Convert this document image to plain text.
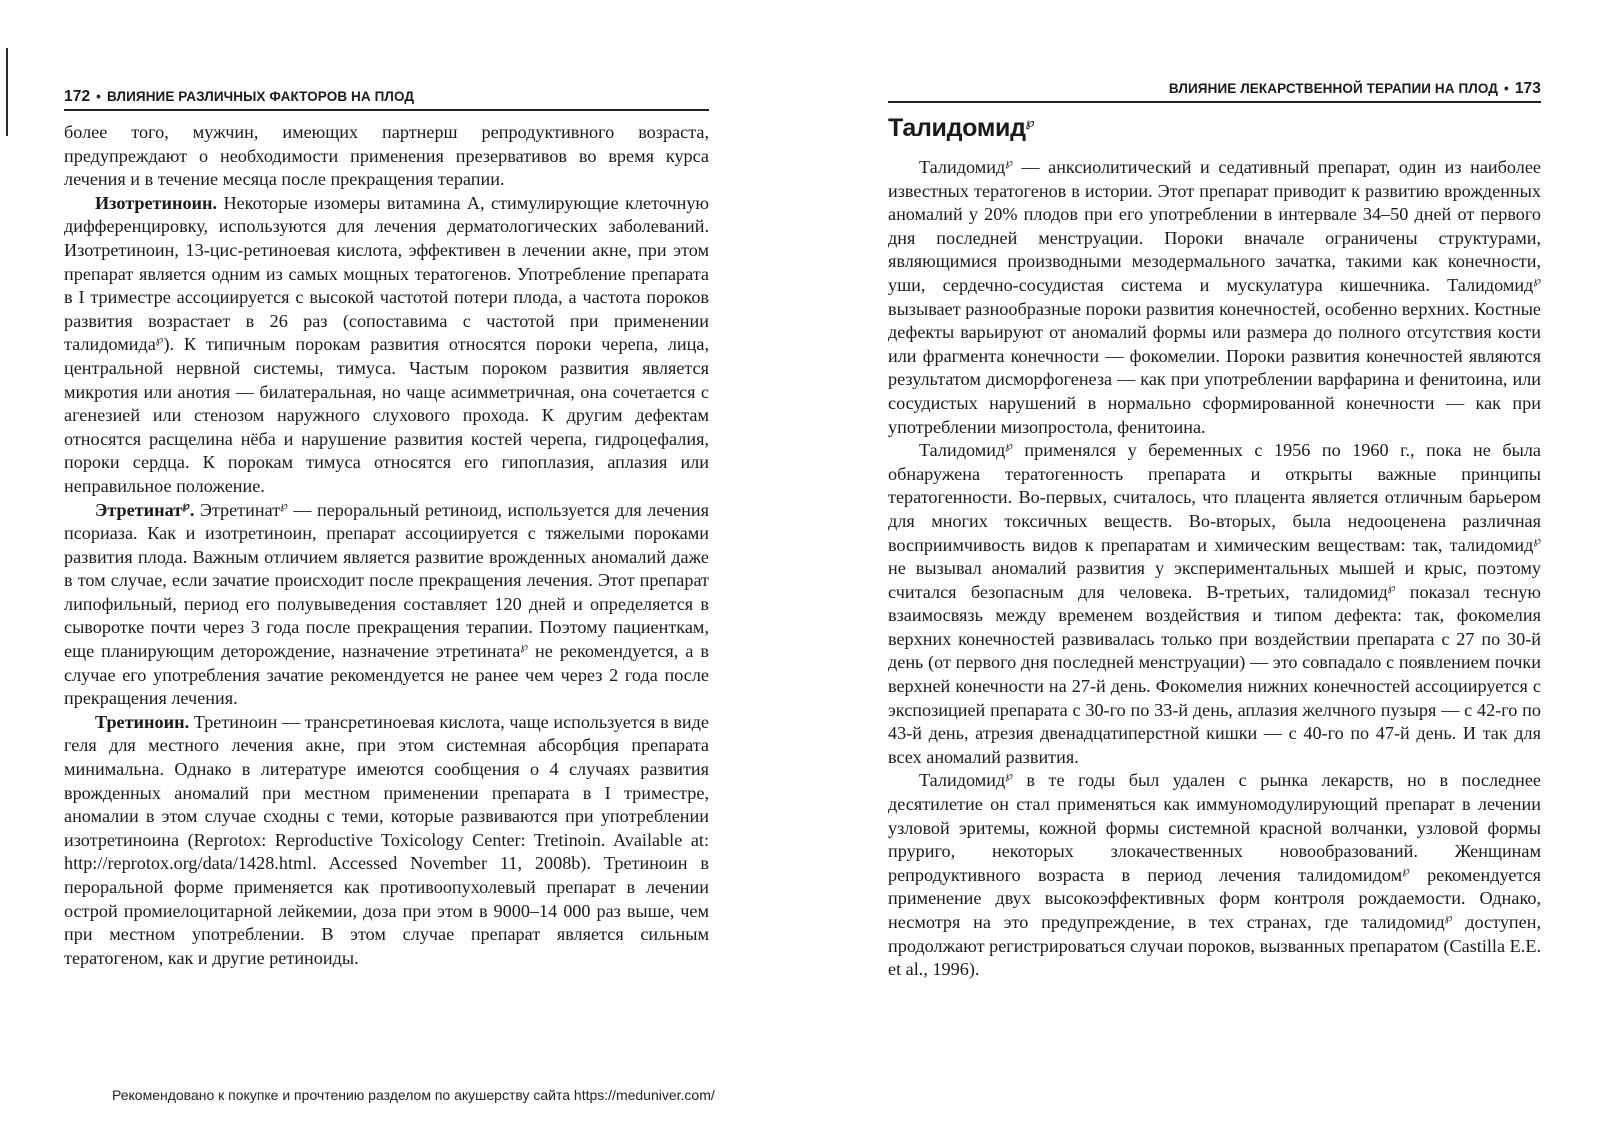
172 • ВЛИЯНИЕ РАЗЛИЧНЫХ ФАКТОРОВ НА ПЛОД

более того, мужчин, имеющих партнерш репродуктивного возраста, предупреждают о необходимости применения презервативов во время курса лечения и в течение месяца после прекращения терапии.

Изотретиноин. Некоторые изомеры витамина А, стимулирующие клеточную дифференцировку, используются для лечения дерматологических заболеваний. Изотретиноин, 13-цис-ретиноевая кислота, эффективен в лечении акне, при этом препарат является одним из самых мощных тератогенов. Употребление препарата в I триместре ассоциируется с высокой частотой потери плода, а частота пороков развития возрастает в 26 раз (сопоставима с частотой при применении талидомида℘). К типичным порокам развития относятся пороки черепа, лица, центральной нервной системы, тимуса. Частым пороком развития является микротия или анотия — билатеральная, но чаще асимметричная, она сочетается с агенезией или стенозом наружного слухового прохода. К другим дефектам относятся расщелина нёба и нарушение развития костей черепа, гидроцефалия, пороки сердца. К порокам тимуса относятся его гипоплазия, аплазия или неправильное положение.

Этретинат℘. Этретинат℘ — пероральный ретиноид, используется для лечения псориаза. Как и изотретиноин, препарат ассоциируется с тяжелыми пороками развития плода. Важным отличием является развитие врожденных аномалий даже в том случае, если зачатие происходит после прекращения лечения. Этот препарат липофильный, период его полувыведения составляет 120 дней и определяется в сыворотке почти через 3 года после прекращения терапии. Поэтому пациенткам, еще планирующим деторождение, назначение этретината℘ не рекомендуется, а в случае его употребления зачатие рекомендуется не ранее чем через 2 года после прекращения лечения.

Третиноин. Третиноин — трансретиноевая кислота, чаще используется в виде геля для местного лечения акне, при этом системная абсорбция препарата минимальна. Однако в литературе имеются сообщения о 4 случаях развития врожденных аномалий при местном применении препарата в I триместре, аномалии в этом случае сходны с теми, которые развиваются при употреблении изотретиноина (Reprotox: Reproductive Toxicology Center: Tretinoin. Available at: http://reprotox.org/data/1428.html. Accessed November 11, 2008b). Третиноин в пероральной форме применяется как противоопухолевый препарат в лечении острой промиелоцитарной лейкемии, доза при этом в 9000–14 000 раз выше, чем при местном употреблении. В этом случае препарат является сильным тератогеном, как и другие ретиноиды.

ВЛИЯНИЕ ЛЕКАРСТВЕННОЙ ТЕРАПИИ НА ПЛОД • 173
Талидомид℘

Талидомид℘ — анксиолитический и седативный препарат, один из наиболее известных тератогенов в истории. Этот препарат приводит к развитию врожденных аномалий у 20% плодов при его употреблении в интервале 34–50 дней от первого дня последней менструации. Пороки вначале ограничены структурами, являющимися производными мезодермального зачатка, такими как конечности, уши, сердечно-сосудистая система и мускулатура кишечника. Талидомид℘ вызывает разнообразные пороки развития конечностей, особенно верхних. Костные дефекты варьируют от аномалий формы или размера до полного отсутствия кости или фрагмента конечности — фокомелии. Пороки развития конечностей являются результатом дисморфогенеза — как при употреблении варфарина и фенитоина, или сосудистых нарушений в нормально сформированной конечности — как при употреблении мизопростола, фенитоина.

Талидомид℘ применялся у беременных с 1956 по 1960 г., пока не была обнаружена тератогенность препарата и открыты важные принципы тератогенности. Во-первых, считалось, что плацента является отличным барьером для многих токсичных веществ. Во-вторых, была недооценена различная восприимчивость видов к препаратам и химическим веществам: так, талидомид℘ не вызывал аномалий развития у экспериментальных мышей и крыс, поэтому считался безопасным для человека. В-третьих, талидомид℘ показал тесную взаимосвязь между временем воздействия и типом дефекта: так, фокомелия верхних конечностей развивалась только при воздействии препарата с 27 по 30-й день (от первого дня последней менструации) — это совпадало с появлением почки верхней конечности на 27-й день. Фокомелия нижних конечностей ассоциируется с экспозицией препарата с 30-го по 33-й день, аплазия желчного пузыря — с 42-го по 43-й день, атрезия двенадцатиперстной кишки — с 40-го по 47-й день. И так для всех аномалий развития.

Талидомид℘ в те годы был удален с рынка лекарств, но в последнее десятилетие он стал применяться как иммуномодулирующий препарат в лечении узловой эритемы, кожной формы системной красной волчанки, узловой формы пруриго, некоторых злокачественных новообразований. Женщинам репродуктивного возраста в период лечения талидомидом℘ рекомендуется применение двух высокоэффективных форм контроля рождаемости. Однако, несмотря на это предупреждение, в тех странах, где талидомид℘ доступен, продолжают регистрироваться случаи пороков, вызванных препаратом (Castilla E.E. et al., 1996).

Рекомендовано к покупке и прочтению разделом по акушерству сайта https://meduniver.com/
